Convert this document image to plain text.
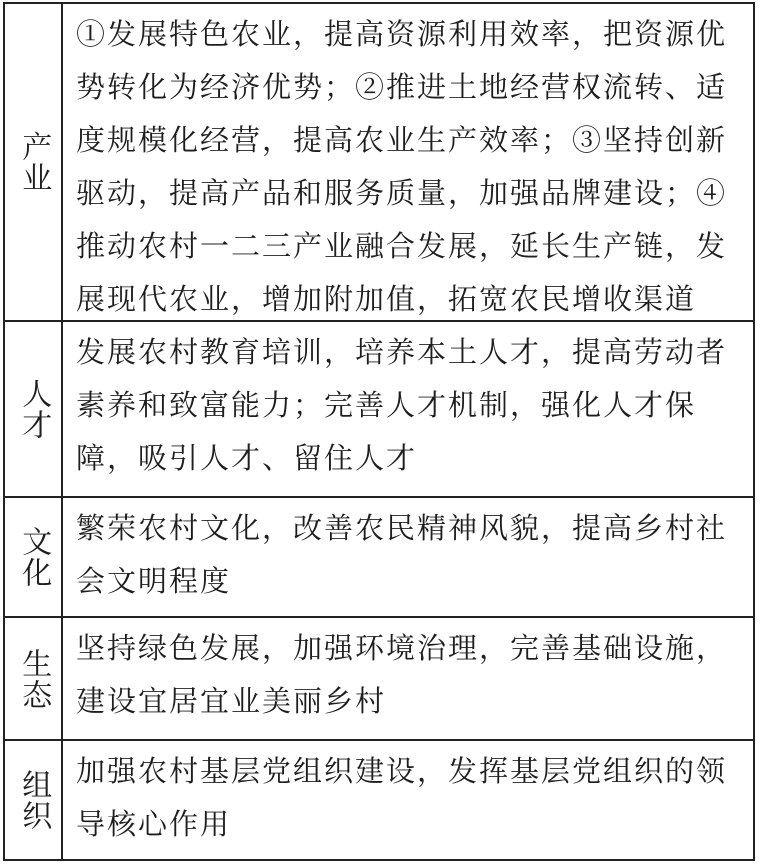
产业
①发展特色农业，提高资源利用效率，把资源优势转化为经济优势；②推进土地经营权流转、适度规模化经营，提高农业生产效率；③坚持创新驱动，提高产品和服务质量，加强品牌建设；④推动农村一二三产业融合发展，延长生产链，发展现代农业，增加附加值，拓宽农民增收渠道
人才
发展农村教育培训，培养本土人才，提高劳动者素养和致富能力；完善人才机制，强化人才保障，吸引人才、留住人才
文化 繁荣农村文化，改善农民精神风貌，提高乡村社会文明程度
生态 坚持绿色发展，加强环境治理，完善基础设施，建设宜居宜业美丽乡村
组织 加强农村基层党组织建设，发挥基层党组织的领导核心作用
